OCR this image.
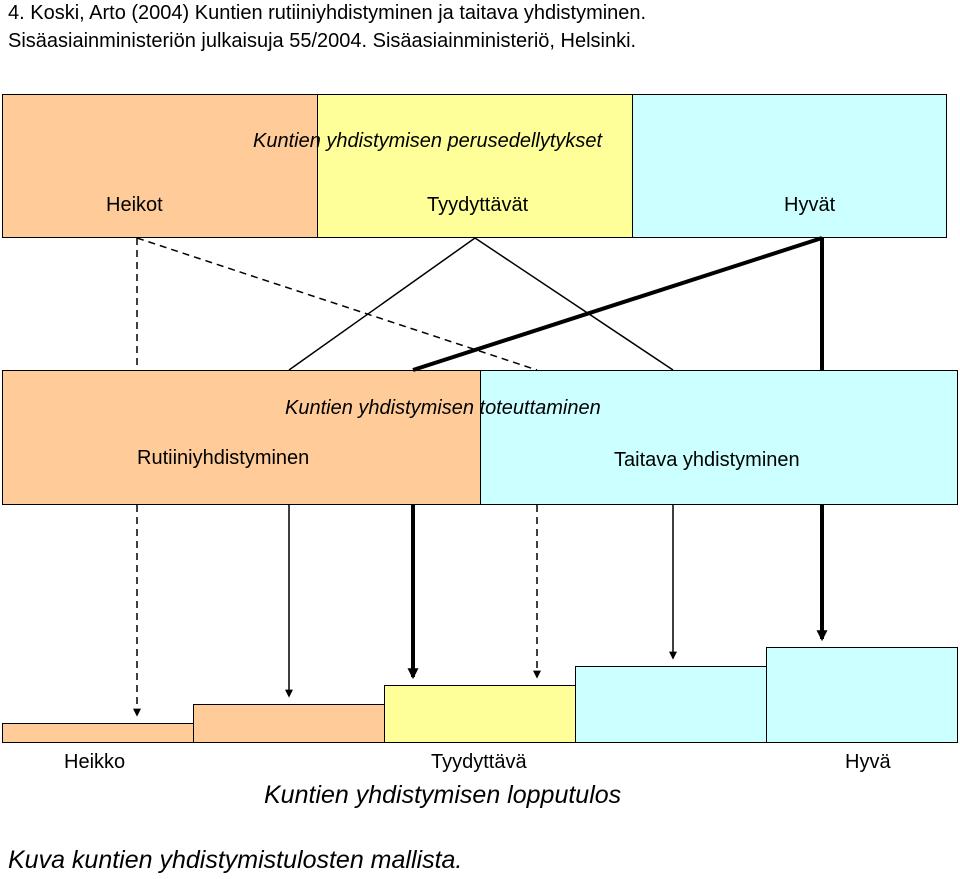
4. Koski, Arto (2004) Kuntien rutiiniyhdistyminen ja taitava yhdistyminen.
Sisäasiainministeriön julkaisuja 55/2004. Sisäasiainministeriö, Helsinki.
Kuntien yhdistymisen perusedellytykset
Heikot	Tyydyttävät	Hyvät
Kuntien yhdistymisen toteuttaminen
Rutiiniyhdistyminen	Taitava yhdistyminen
Heikko	Tyydyttävä	Hyvä
Kuntien yhdistymisen lopputulos
Kuva kuntien yhdistymistulosten mallista.
